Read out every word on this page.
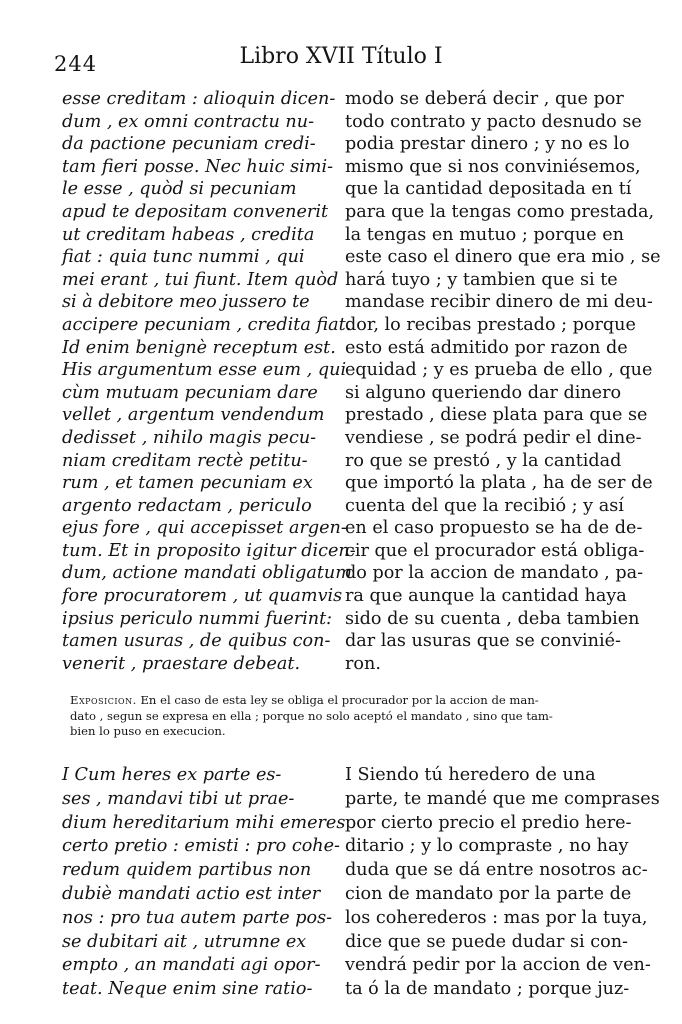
244	Libro XVII Título I
esse creditam : alioquin dicen-
dum , ex omni contractu nu-
da pactione pecuniam credi-
tam fieri posse. Nec huic simi-
le esse , quòd si pecuniam
apud te depositam convenerit
ut creditam habeas , credita
fiat : quia tunc nummi , qui
mei erant , tui fiunt. Item quòd
si à debitore meo jussero te
accipere pecuniam , credita fiat.
Id enim benignè receptum est.
His argumentum esse eum , qui
cùm mutuam pecuniam dare
vellet , argentum vendendum
dedisset , nihilo magis pecu-
niam creditam rectè petitu-
rum , et tamen pecuniam ex
argento redactam , periculo
ejus fore , qui accepisset argen-
tum. Et in proposito igitur dicen-
dum, actione mandati obligatum
fore procuratorem , ut quamvis
ipsius periculo nummi fuerint:
tamen usuras , de quibus con-
venerit , praestare debeat.
modo se deberá decir , que por
todo contrato y pacto desnudo se
podia prestar dinero ; y no es lo
mismo que si nos conviniésemos,
que la cantidad depositada en tí
para que la tengas como prestada,
la tengas en mutuo ; porque en
este caso el dinero que era mio , se
hará tuyo ; y tambien que si te
mandase recibir dinero de mi deu-
dor, lo recibas prestado ; porque
esto está admitido por razon de
equidad ; y es prueba de ello , que
si alguno queriendo dar dinero
prestado , diese plata para que se
vendiese , se podrá pedir el dine-
ro que se prestó , y la cantidad
que importó la plata , ha de ser de
cuenta del que la recibió ; y así
en el caso propuesto se ha de de-
cir que el procurador está obliga-
do por la accion de mandato , pa-
ra que aunque la cantidad haya
sido de su cuenta , deba tambien
dar las usuras que se convinié-
ron.
Exposicion. En el caso de esta ley se obliga el procurador por la accion de man-
dato , segun se expresa en ella ; porque no solo aceptó el mandato , sino que tam-
bien lo puso en execucion.
I Cum heres ex parte es-
ses , mandavi tibi ut prae-
dium hereditarium mihi emeres
certo pretio : emisti : pro cohe-
redum quidem partibus non
dubiè mandati actio est inter
nos : pro tua autem parte pos-
se dubitari ait , utrumne ex
empto , an mandati agi opor-
teat. Neque enim sine ratio-
I Siendo tú heredero de una
parte, te mandé que me comprases
por cierto precio el predio here-
ditario ; y lo compraste , no hay
duda que se dá entre nosotros ac-
cion de mandato por la parte de
los coherederos : mas por la tuya,
dice que se puede dudar si con-
vendrá pedir por la accion de ven-
ta ó la de mandato ; porque juz-
